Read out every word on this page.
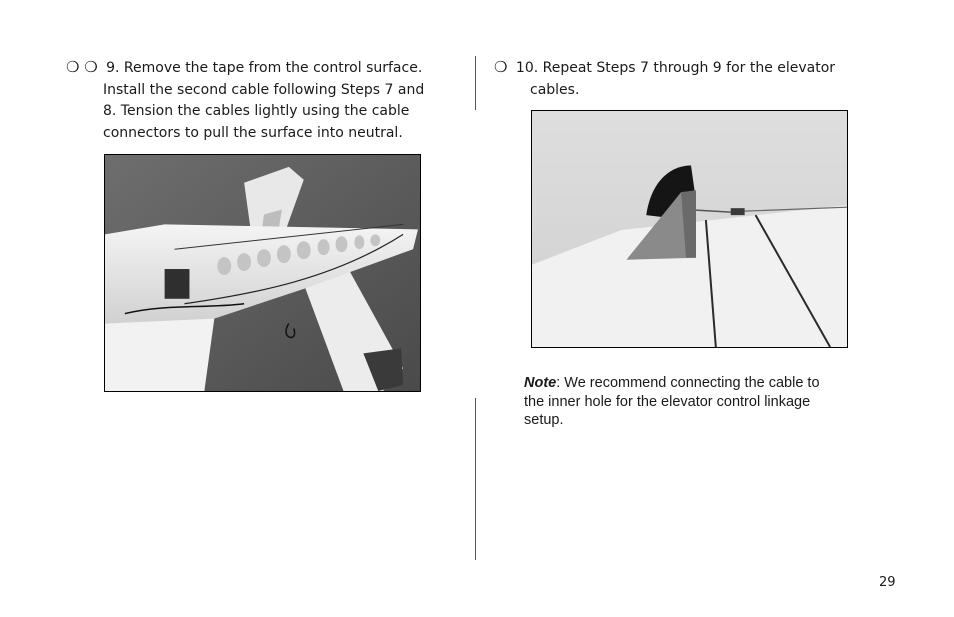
❍ ❍ 9. Remove the tape from the control surface.
Install the second cable following Steps 7 and
8. Tension the cables lightly using the cable
connectors to pull the surface into neutral.
❍ 10. Repeat Steps 7 through 9 for the elevator
cables.
Note: We recommend connecting the cable to the inner hole for the elevator control linkage setup.
29
